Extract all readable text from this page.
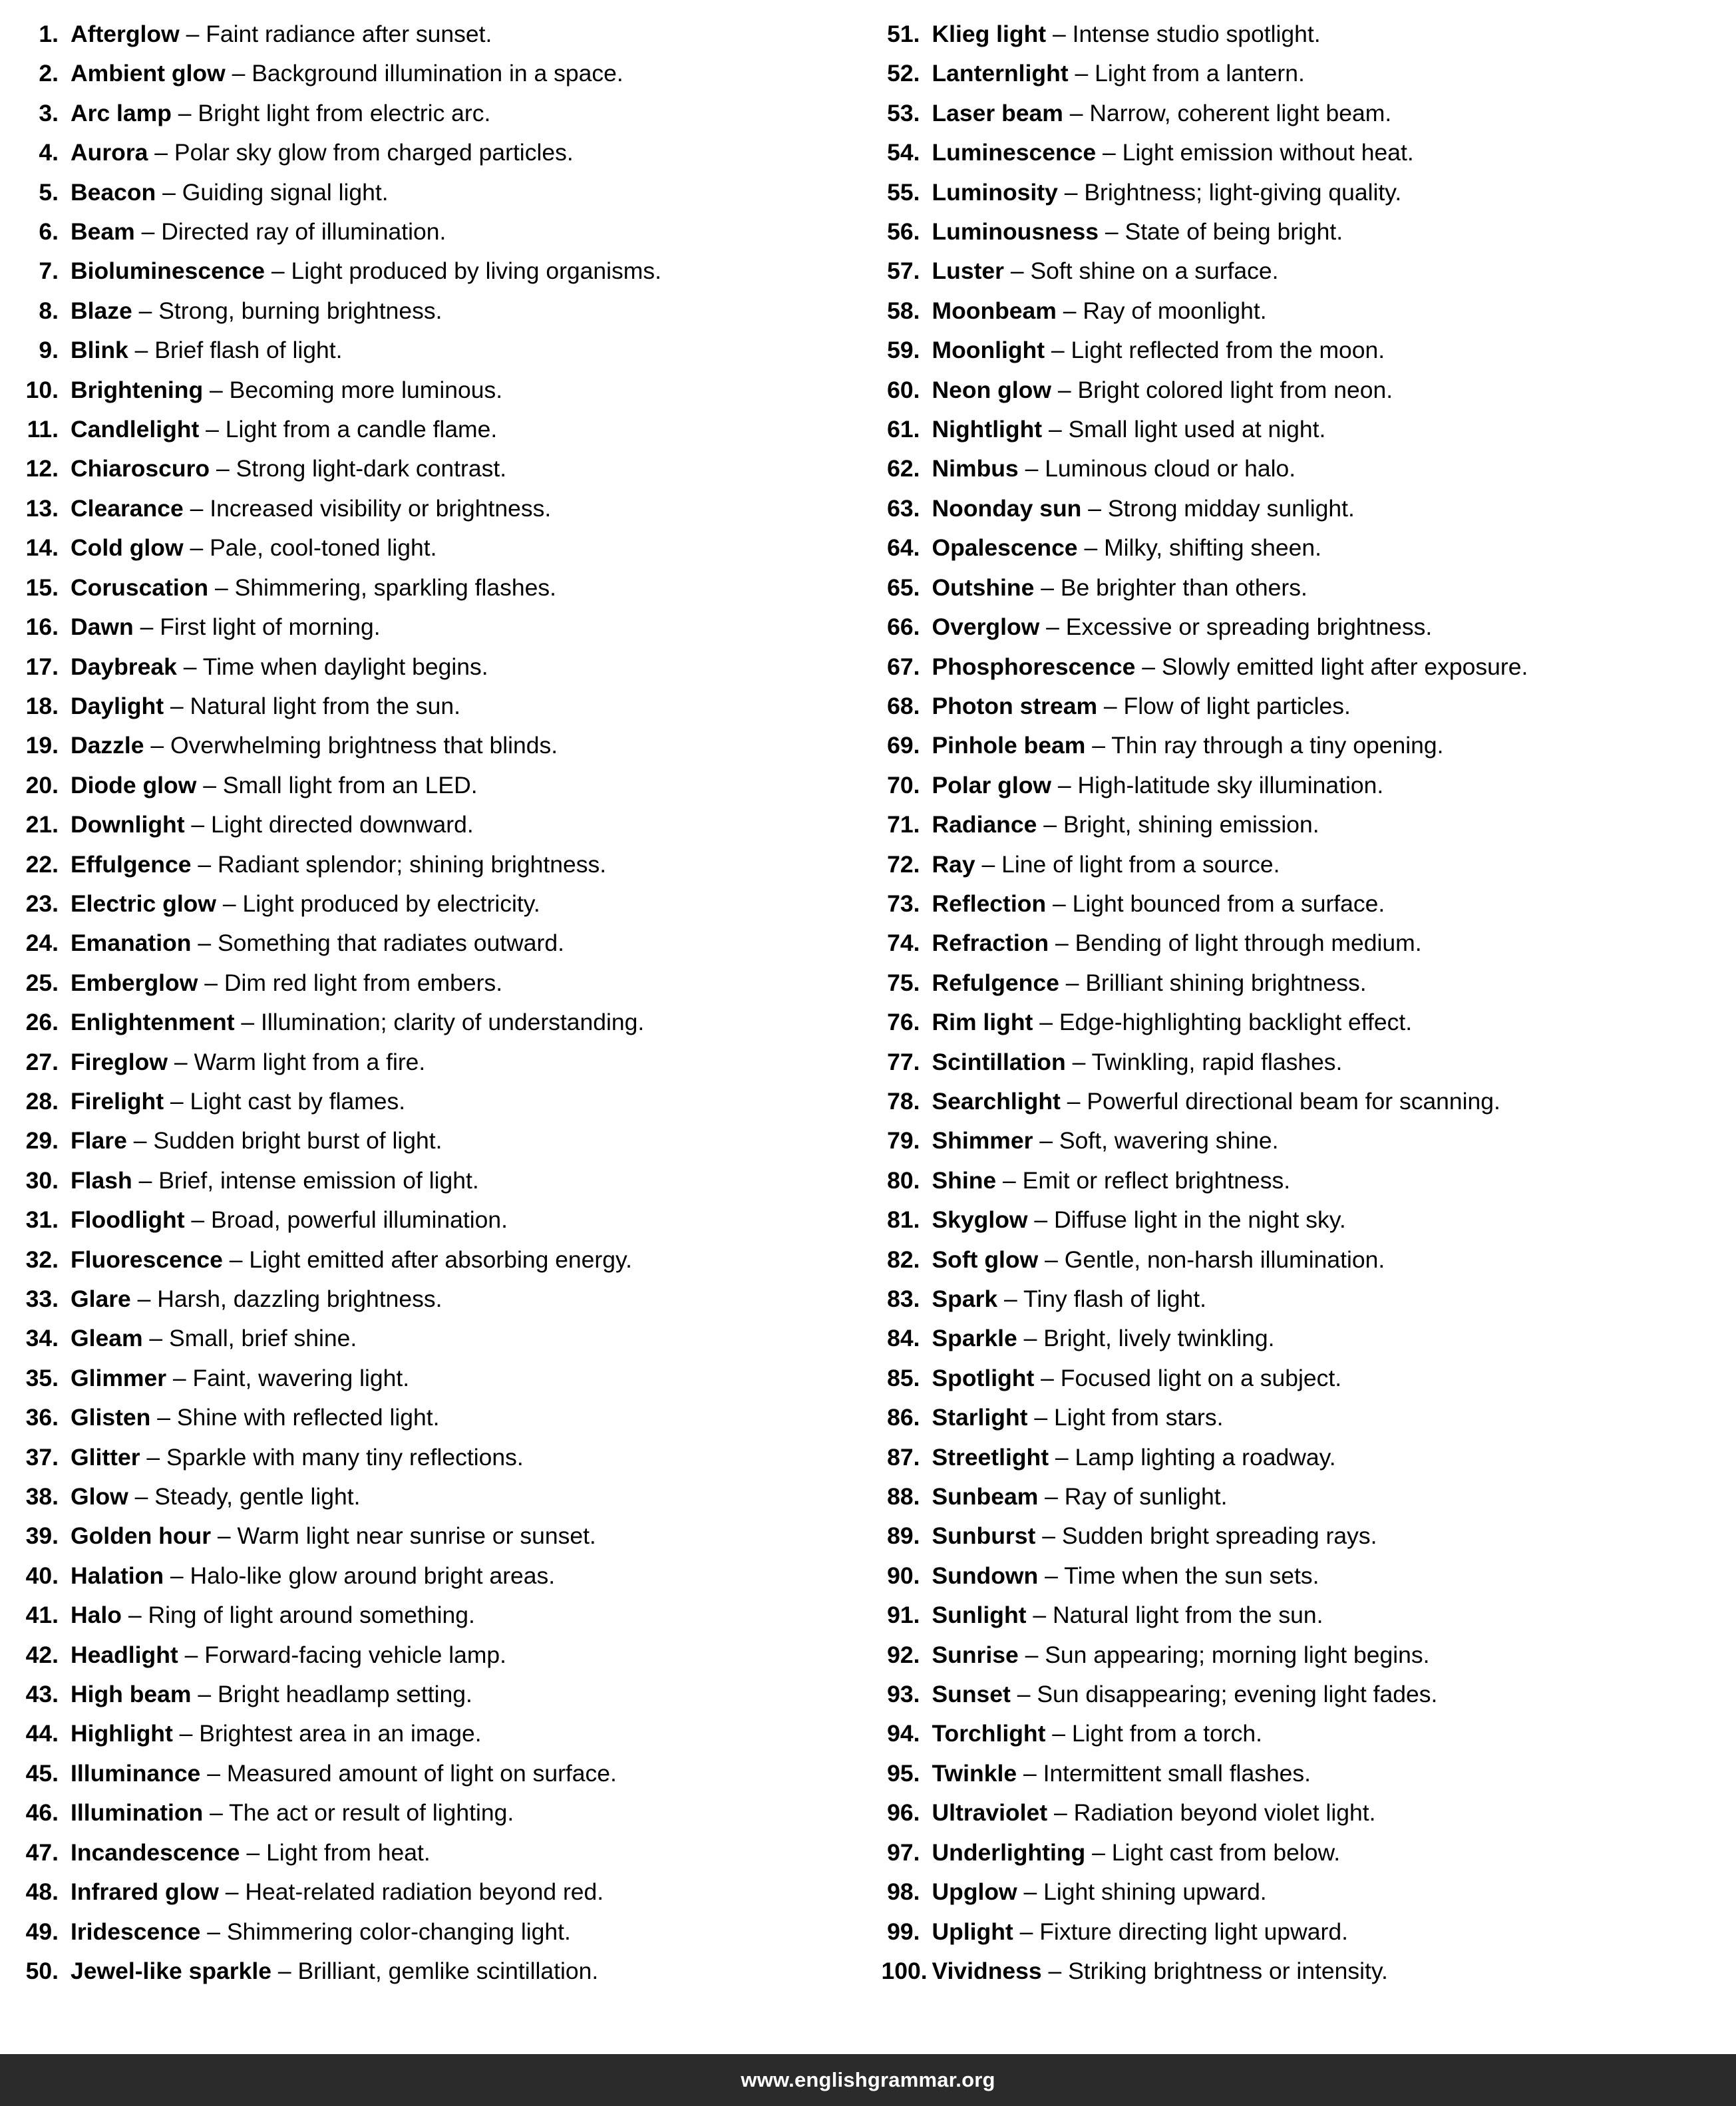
1. Afterglow – Faint radiance after sunset.
2. Ambient glow – Background illumination in a space.
3. Arc lamp – Bright light from electric arc.
4. Aurora – Polar sky glow from charged particles.
5. Beacon – Guiding signal light.
6. Beam – Directed ray of illumination.
7. Bioluminescence – Light produced by living organisms.
8. Blaze – Strong, burning brightness.
9. Blink – Brief flash of light.
10. Brightening – Becoming more luminous.
11. Candlelight – Light from a candle flame.
12. Chiaroscuro – Strong light-dark contrast.
13. Clearance – Increased visibility or brightness.
14. Cold glow – Pale, cool-toned light.
15. Coruscation – Shimmering, sparkling flashes.
16. Dawn – First light of morning.
17. Daybreak – Time when daylight begins.
18. Daylight – Natural light from the sun.
19. Dazzle – Overwhelming brightness that blinds.
20. Diode glow – Small light from an LED.
21. Downlight – Light directed downward.
22. Effulgence – Radiant splendor; shining brightness.
23. Electric glow – Light produced by electricity.
24. Emanation – Something that radiates outward.
25. Emberglow – Dim red light from embers.
26. Enlightenment – Illumination; clarity of understanding.
27. Fireglow – Warm light from a fire.
28. Firelight – Light cast by flames.
29. Flare – Sudden bright burst of light.
30. Flash – Brief, intense emission of light.
31. Floodlight – Broad, powerful illumination.
32. Fluorescence – Light emitted after absorbing energy.
33. Glare – Harsh, dazzling brightness.
34. Gleam – Small, brief shine.
35. Glimmer – Faint, wavering light.
36. Glisten – Shine with reflected light.
37. Glitter – Sparkle with many tiny reflections.
38. Glow – Steady, gentle light.
39. Golden hour – Warm light near sunrise or sunset.
40. Halation – Halo-like glow around bright areas.
41. Halo – Ring of light around something.
42. Headlight – Forward-facing vehicle lamp.
43. High beam – Bright headlamp setting.
44. Highlight – Brightest area in an image.
45. Illuminance – Measured amount of light on surface.
46. Illumination – The act or result of lighting.
47. Incandescence – Light from heat.
48. Infrared glow – Heat-related radiation beyond red.
49. Iridescence – Shimmering color-changing light.
50. Jewel-like sparkle – Brilliant, gemlike scintillation.
51. Klieg light – Intense studio spotlight.
52. Lanternlight – Light from a lantern.
53. Laser beam – Narrow, coherent light beam.
54. Luminescence – Light emission without heat.
55. Luminosity – Brightness; light-giving quality.
56. Luminousness – State of being bright.
57. Luster – Soft shine on a surface.
58. Moonbeam – Ray of moonlight.
59. Moonlight – Light reflected from the moon.
60. Neon glow – Bright colored light from neon.
61. Nightlight – Small light used at night.
62. Nimbus – Luminous cloud or halo.
63. Noonday sun – Strong midday sunlight.
64. Opalescence – Milky, shifting sheen.
65. Outshine – Be brighter than others.
66. Overglow – Excessive or spreading brightness.
67. Phosphorescence – Slowly emitted light after exposure.
68. Photon stream – Flow of light particles.
69. Pinhole beam – Thin ray through a tiny opening.
70. Polar glow – High-latitude sky illumination.
71. Radiance – Bright, shining emission.
72. Ray – Line of light from a source.
73. Reflection – Light bounced from a surface.
74. Refraction – Bending of light through medium.
75. Refulgence – Brilliant shining brightness.
76. Rim light – Edge-highlighting backlight effect.
77. Scintillation – Twinkling, rapid flashes.
78. Searchlight – Powerful directional beam for scanning.
79. Shimmer – Soft, wavering shine.
80. Shine – Emit or reflect brightness.
81. Skyglow – Diffuse light in the night sky.
82. Soft glow – Gentle, non-harsh illumination.
83. Spark – Tiny flash of light.
84. Sparkle – Bright, lively twinkling.
85. Spotlight – Focused light on a subject.
86. Starlight – Light from stars.
87. Streetlight – Lamp lighting a roadway.
88. Sunbeam – Ray of sunlight.
89. Sunburst – Sudden bright spreading rays.
90. Sundown – Time when the sun sets.
91. Sunlight – Natural light from the sun.
92. Sunrise – Sun appearing; morning light begins.
93. Sunset – Sun disappearing; evening light fades.
94. Torchlight – Light from a torch.
95. Twinkle – Intermittent small flashes.
96. Ultraviolet – Radiation beyond violet light.
97. Underlighting – Light cast from below.
98. Upglow – Light shining upward.
99. Uplight – Fixture directing light upward.
100. Vividness – Striking brightness or intensity.
www.englishgrammar.org
